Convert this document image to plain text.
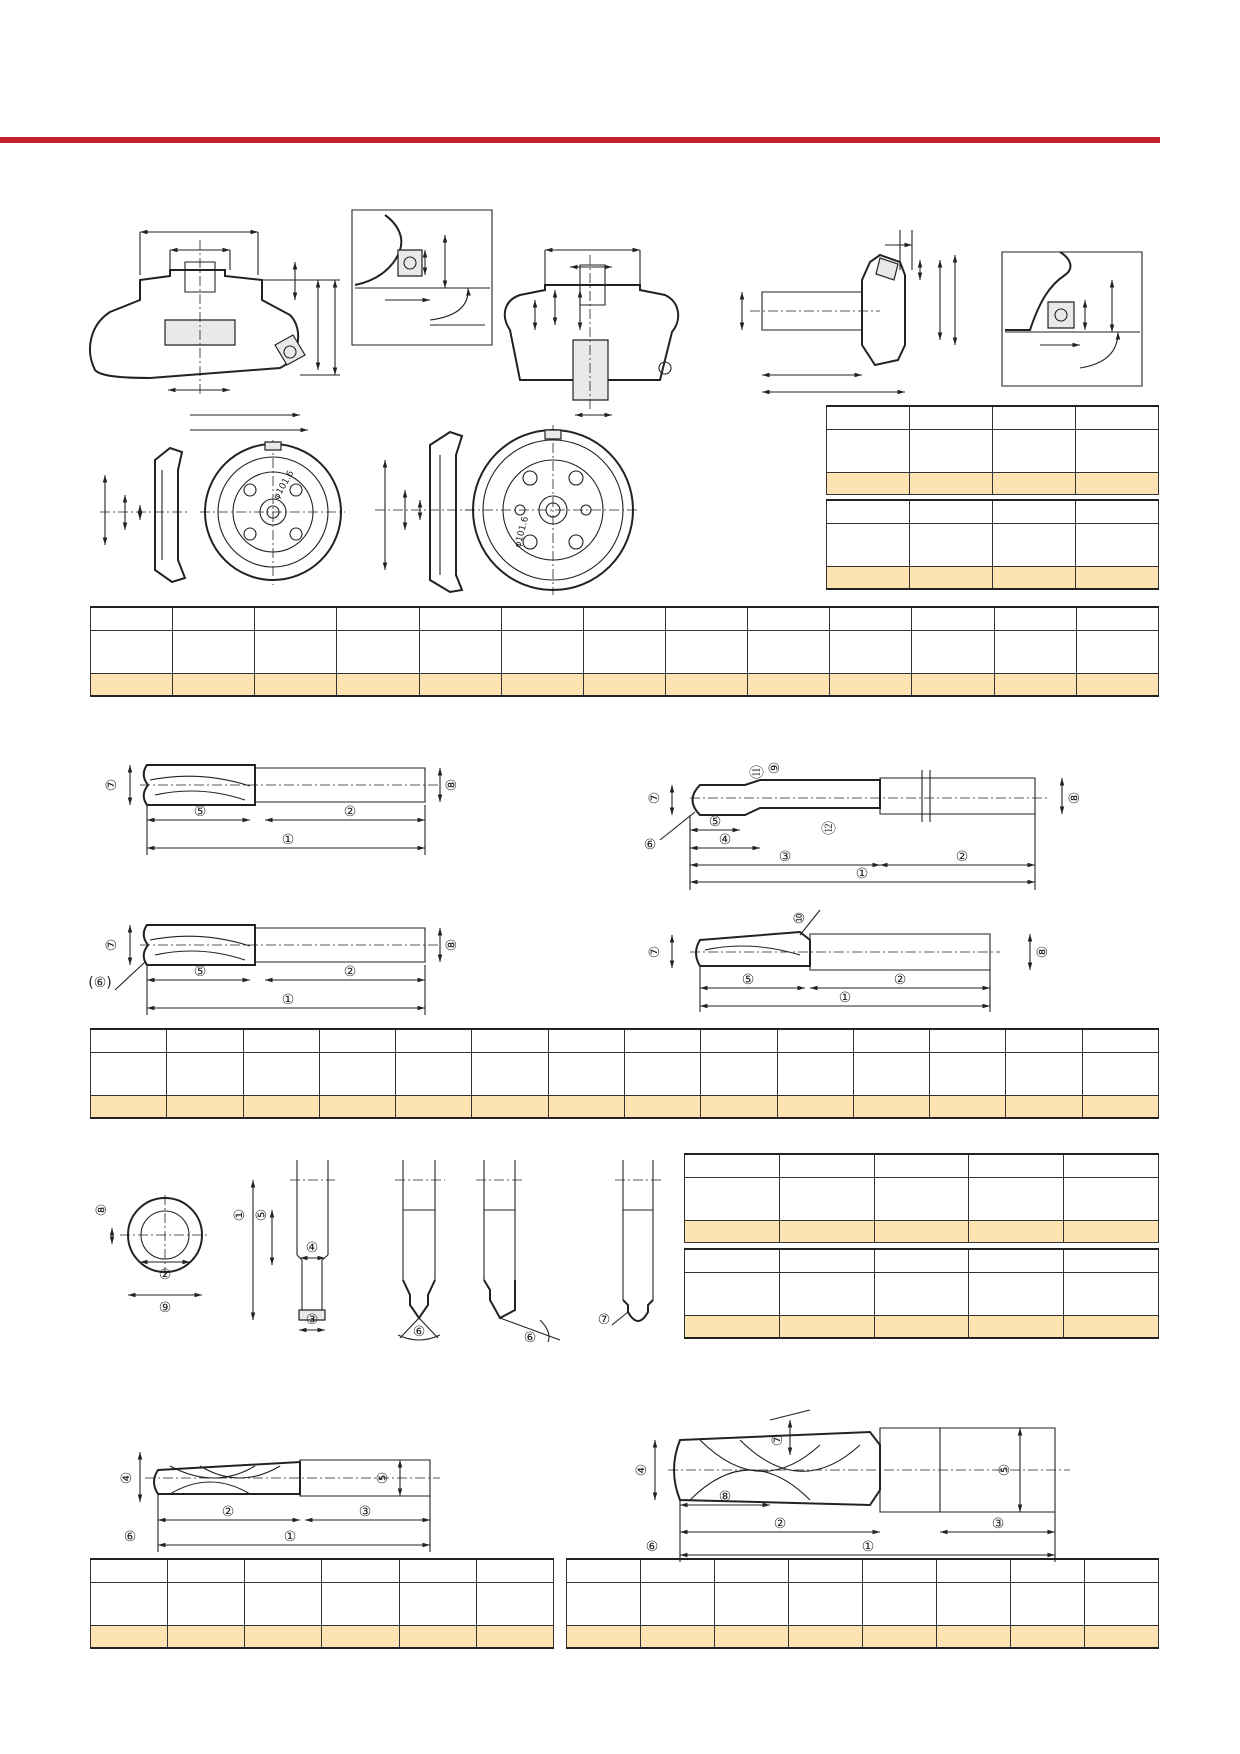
φ101.6
φ101.6
⑦	⑧
⑤	②
①
⑦	⑧
⑪ ⑨
⑫
⑤
④
⑥
③	②
①
⑦	⑧
⑤	②
①
(⑥)
⑦	⑧
⑩
⑤	②
①
⑧
②
⑨
① ⑤
④
③
⑥	⑥
⑦
④	⑤
②	③
①
⑥
④	⑤
⑦
⑧
②	③
①
⑥
